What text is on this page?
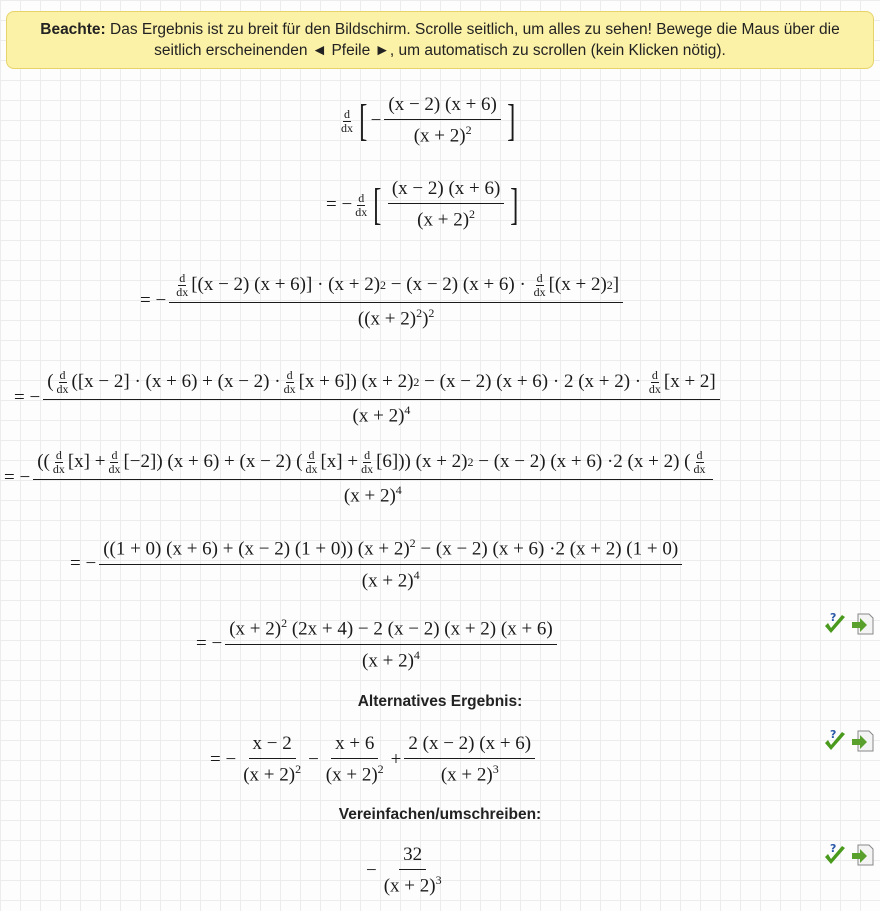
Beachte: Das Ergebnis ist zu breit für den Bildschirm. Scrolle seitlich, um alles zu sehen! Bewege die Maus über die seitlich erscheinenden ◄ Pfeile ►, um automatisch zu scrollen (kein Klicken nötig).
d
dx [ − $\frac{(x - 2) (x + 6)}{(x + 2)^2}$ ]
= − $\frac{d}{dx}$ [ $\frac{(x - 2) (x + 6)}{(x + 2)^2}$ ]
= −
d
dx [(x − 2) (x + 6)] · (x + 2) 2 − (x − 2) (x + 6) · d
dx [ (x + 2) 2 ]
$((x + 2)^2)^2$
= −
( d
dx ([x − 2] · (x + 6) + (x − 2) · d
dx [x + 6]) (x + 2) 2 − (x − 2) (x + 6) · 2 (x + 2) · d
dx [x + 2]
$(x + 2)^4$
= −
(( d
dx $[x] + \frac{d}{dx} [-2]$) (x + 6) + (x − 2) ( d
dx $[x] + \frac{d}{dx} [6]$)) (x + 2) 2 − (x − 2) (x + 6) ·2 (x + 2) ( d
dx
$(x + 2)^4$
= −
((1 + 0) (x + 6) + (x − 2) (1 + 0)) $(x + 2)^2 - (x - 2)$ (x + 6) ·2 (x + 2) (1 + 0)
$(x + 2)^4$
= − $\frac{(x + 2)^2 (2x + 4) - 2 (x - 2) (x + 2) (x + 6)}{(x + 2)^4}$	?
Alternatives Ergebnis:
= − $\frac{x - 2}{(x + 2)^2} - \frac{x + 6}{(x + 2)^2} + \frac{2 (x - 2) (x + 6)}{(x + 2)^3}$	?
Vereinfachen/umschreiben:
− $\frac{32}{(x + 2)^3}$	?
